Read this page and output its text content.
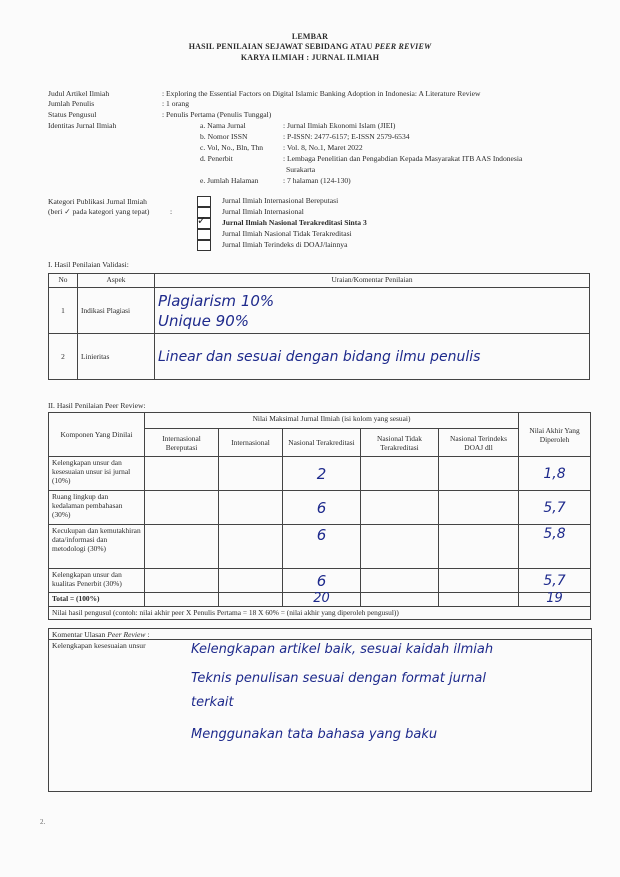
LEMBAR
HASIL PENILAIAN SEJAWAT SEBIDANG ATAU PEER REVIEW
KARYA ILMIAH : JURNAL ILMIAH
Judul Artikel Ilmiah	: Exploring the Essential Factors on Digital Islamic Banking Adoption in Indonesia: A Literature Review
Jumlah Penulis	: 1 orang
Status Pengusul	: Penulis Pertama (Penulis Tunggal)
Identitas Jurnal Ilmiah	a. Nama Jurnal	: Jurnal Ilmiah Ekonomi Islam (JIEI)
b. Nomor ISSN	: P-ISSN: 2477-6157; E-ISSN 2579-6534
c. Vol, No., Bln, Thn	: Vol. 8, No.1, Maret 2022
d. Penerbit	: Lembaga Penelitian dan Pengabdian Kepada Masyarakat ITB AAS Indonesia
Surakarta
e. Jumlah Halaman	: 7 halaman (124-130)
Kategori Publikasi Jurnal Ilmiah
(beri ✓ pada kategori yang tepat)	:
Jurnal Ilmiah Internasional Bereputasi
Jurnal Ilmiah Internasional
✓ Jurnal Ilmiah Nasional Terakreditasi Sinta 3
Jurnal Ilmiah Nasional Tidak Terakreditasi
Jurnal Ilmiah Terindeks di DOAJ/lainnya
I. Hasil Penilaian Validasi:
No	Aspek	Uraian/Komentar Penilaian
1	Indikasi Plagiasi	Plagiarism 10%
Unique 90%

2	Linieritas	Linear dan sesuai dengan bidang ilmu penulis
II. Hasil Penilaian Peer Review:
Komponen Yang Dinilai	Nilai Maksimal Jurnal Ilmiah (isi kolom yang sesuai)					Nilai Akhir Yang Diperoleh
	Internasional Bereputasi	Internasional	Nasional Terakreditasi	Nasional Tidak Terakreditasi	Nasional Terindeks DOAJ dll	
Kelengkapan unsur dan kesesuaian unsur isi jurnal (10%)			2			1,8
Ruang lingkup dan kedalaman pembahasan (30%)			6			5,7
Kecukupan dan kemutakhiran data/informasi dan metodologi (30%)			6			5,8
Kelengkapan unsur dan kualitas Penerbit (30%)			6			5,7
Total = (100%)			20			19
Nilai hasil pengusul (contoh: nilai akhir peer X Penulis Pertama = 18 X 60% = (nilai akhir yang diperoleh pengusul))						
Komentar Ulasan Peer Review :
Kelengkapan kesesuaian unsur	Kelengkapan artikel baik, sesuai kaidah ilmiah
Teknis penulisan sesuai dengan format jurnal
terkait
Menggunakan tata bahasa yang baku
2.
